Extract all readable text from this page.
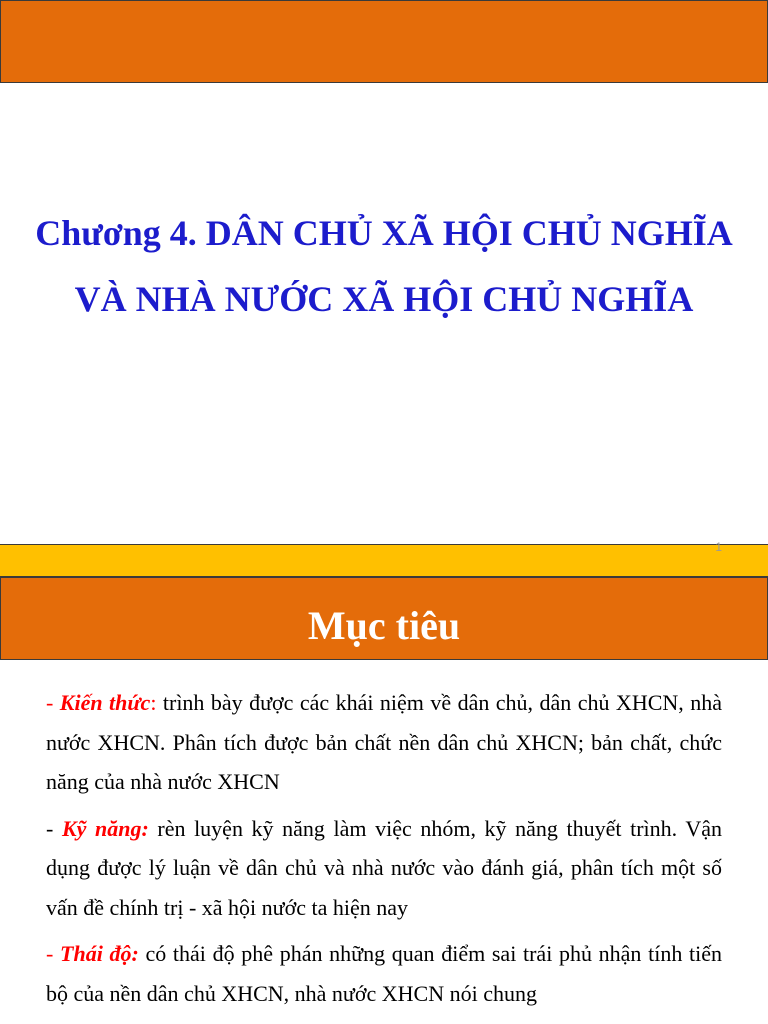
Chương 4. DÂN CHỦ XÃ HỘI CHỦ NGHĨA
VÀ NHÀ NƯỚC XÃ HỘI CHỦ NGHĨA
1
Mục tiêu

- Kiến thức: trình bày được các khái niệm về dân chủ, dân chủ XHCN, nhà nước XHCN. Phân tích được bản chất nền dân chủ XHCN; bản chất, chức năng của nhà nước XHCN

- Kỹ năng: rèn luyện kỹ năng làm việc nhóm, kỹ năng thuyết trình. Vận dụng được lý luận về dân chủ và nhà nước vào đánh giá, phân tích một số vấn đề chính trị - xã hội nước ta hiện nay

- Thái độ: có thái độ phê phán những quan điểm sai trái phủ nhận tính tiến bộ của nền dân chủ XHCN, nhà nước XHCN nói chung
